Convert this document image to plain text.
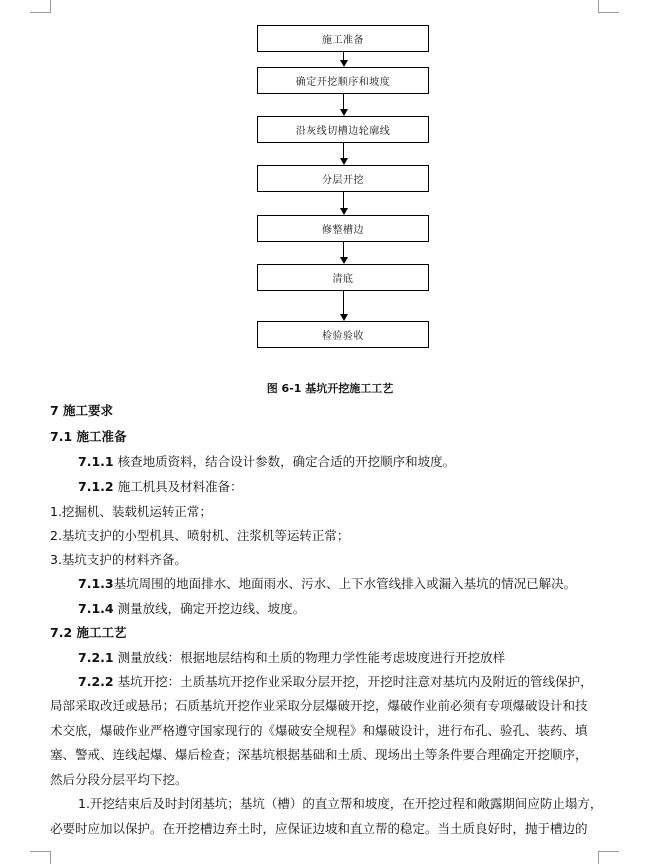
施工准备
确定开挖顺序和坡度
沿灰线切槽边轮廓线
分层开挖
修整槽边
清底
检验验收
图 6-1 基坑开挖施工工艺
7 施工要求
7.1 施工准备
7.1.1 核查地质资料，结合设计参数，确定合适的开挖顺序和坡度。
7.1.2 施工机具及材料准备：
1.挖掘机、装载机运转正常；
2.基坑支护的小型机具、喷射机、注浆机等运转正常；
3.基坑支护的材料齐备。
7.1.3基坑周围的地面排水、地面雨水、污水、上下水管线排入或漏入基坑的情况已解决。
7.1.4 测量放线，确定开挖边线、坡度。
7.2 施工工艺
7.2.1 测量放线：根据地层结构和土质的物理力学性能考虑坡度进行开挖放样
7.2.2 基坑开挖：土质基坑开挖作业采取分层开挖，开挖时注意对基坑内及附近的管线保护，
局部采取改迁或悬吊；石质基坑开挖作业采取分层爆破开挖，爆破作业前必须有专项爆破设计和技
术交底，爆破作业严格遵守国家现行的《爆破安全规程》和爆破设计，进行布孔、验孔、装药、填
塞、警戒、连线起爆、爆后检查；深基坑根据基础和土质、现场出土等条件要合理确定开挖顺序，
然后分段分层平均下挖。
1.开挖结束后及时封闭基坑；基坑（槽）的直立帮和坡度，在开挖过程和敞露期间应防止塌方，
必要时应加以保护。在开挖槽边弃土时，应保证边坡和直立帮的稳定。当土质良好时，抛于槽边的
